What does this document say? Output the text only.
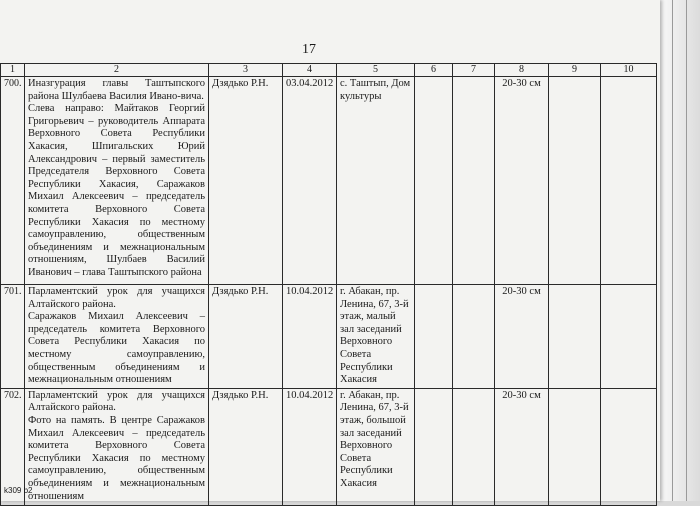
17
1	2	3	4	5	6	7	8	9	10
700.	Иназгурация главы Таштыпского района Шулбаева Василия Ивано-вича.

Слева направо: Майтаков Георгий Григорьевич – руководитель Аппарата Верховного Совета Республики Хакасия, Шпигальских Юрий Александрович – первый заместитель Председателя Верховного Совета Республики Хакасия, Саражаков Михаил Алексеевич – председатель комитета Верховного Совета Республики Хакасия по местному самоуправлению, общественным объединениям и межнациональным отношениям, Шулбаев Василий Иванович – глава Таштыпского района	Дзядько Р.Н.	03.04.2012	с. Таштып, Дом культуры			20-30 см		
701.	Парламентский урок для учащихся Алтайского района.

Саражаков Михаил Алексеевич – председатель комитета Верховного Совета Республики Хакасия по местному самоуправлению, общественным объединениям и межнациональным отношениям	Дзядько Р.Н.	10.04.2012	г. Абакан, пр. Ленина, 67, 3-й этаж, малый зал заседаний Верховного Совета Республики Хакасия			20-30 см		
702.	Парламентский урок для учащихся Алтайского района.

Фото на память. В центре Саражаков Михаил Алексеевич – председатель комитета Верховного Совета Республики Хакасия по местному самоуправлению, общественным объединениям и межнациональным отношениям	Дзядько Р.Н.	10.04.2012	г. Абакан, пр. Ленина, 67, 3-й этаж, большой зал заседаний Верховного Совета Республики Хакасия			20-30 см		
k309 b2
